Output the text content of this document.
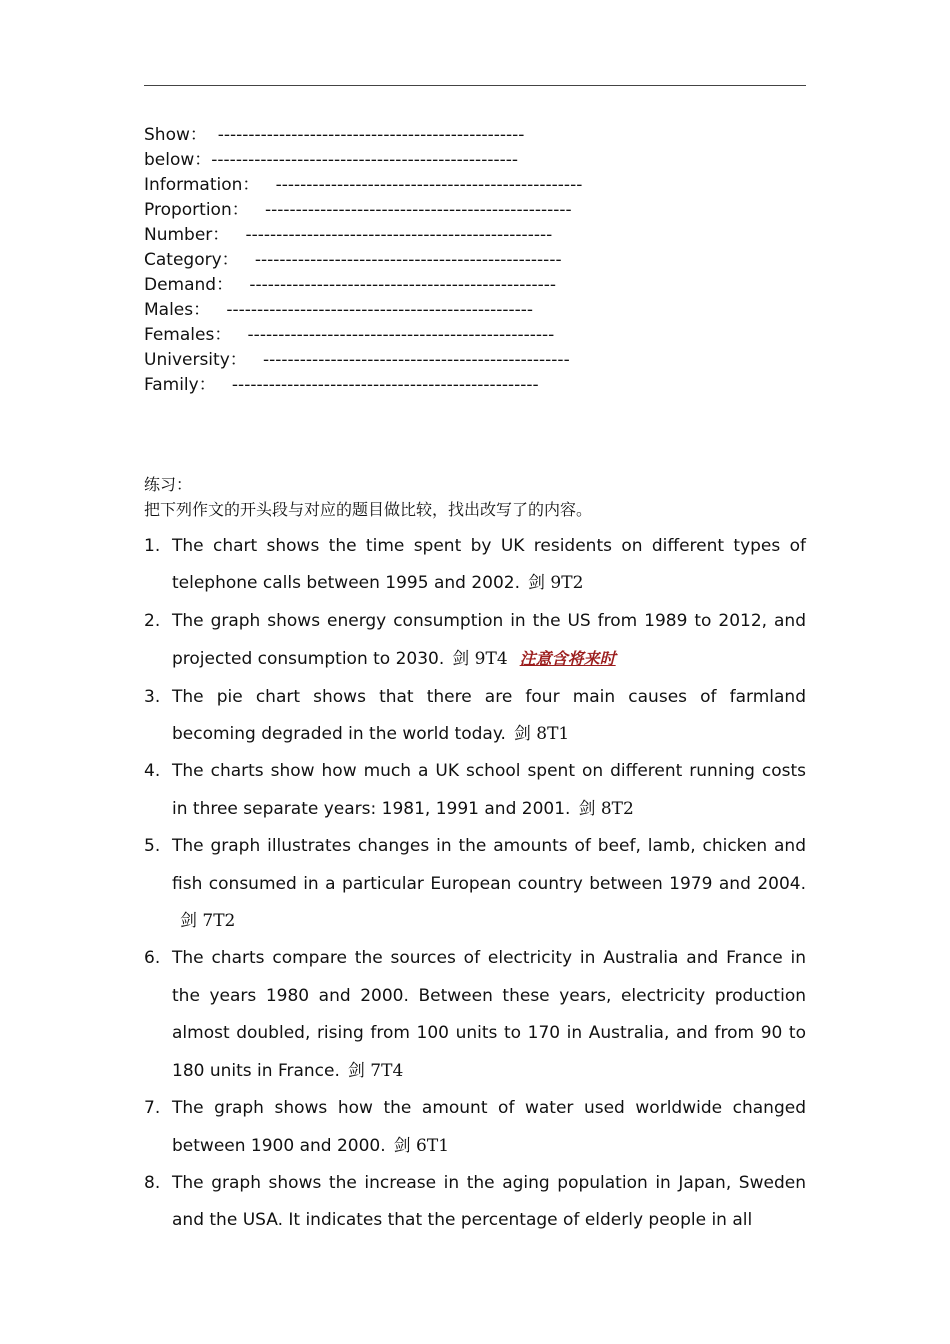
Show： --------------------------------------------------
below：--------------------------------------------------
Information： --------------------------------------------------
Proportion： --------------------------------------------------
Number： --------------------------------------------------
Category： --------------------------------------------------
Demand： --------------------------------------------------
Males： --------------------------------------------------
Females： --------------------------------------------------
University： --------------------------------------------------
Family： --------------------------------------------------
练习：
把下列作文的开头段与对应的题目做比较，找出改写了的内容。
1. The chart shows the time spent by UK residents on different types of telephone calls between 1995 and 2002. 剑 9T2
2. The graph shows energy consumption in the US from 1989 to 2012, and projected consumption to 2030. 剑 9T4 注意含将来时
3. The pie chart shows that there are four main causes of farmland becoming degraded in the world today. 剑 8T1
4. The charts show how much a UK school spent on different running costs in three separate years: 1981, 1991 and 2001. 剑 8T2
5. The graph illustrates changes in the amounts of beef, lamb, chicken and fish consumed in a particular European country between 1979 and 2004.剑 7T2
6. The charts compare the sources of electricity in Australia and France in the years 1980 and 2000. Between these years, electricity production almost doubled, rising from 100 units to 170 in Australia, and from 90 to 180 units in France. 剑 7T4
7. The graph shows how the amount of water used worldwide changed between 1900 and 2000. 剑 6T1
8. The graph shows the increase in the aging population in Japan, Sweden and the USA. It indicates that the percentage of elderly people in all
